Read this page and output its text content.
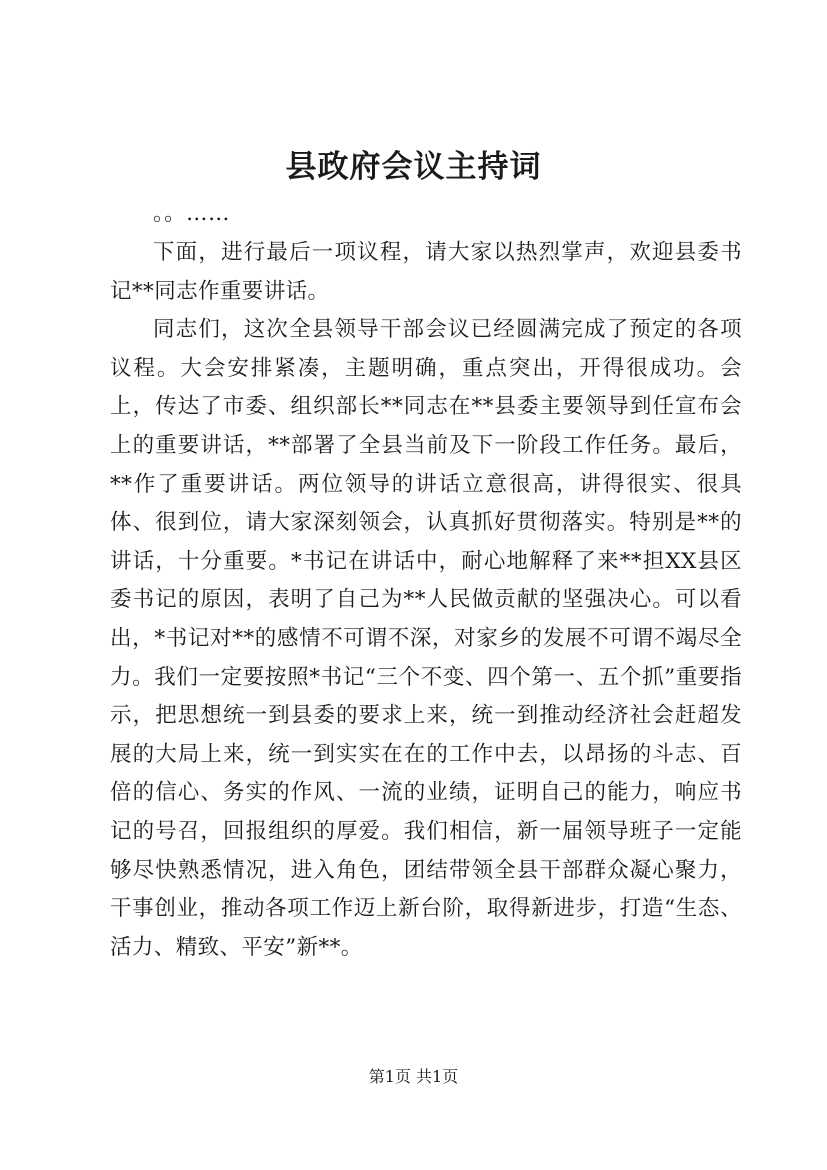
县政府会议主持词

。。……

下面，进行最后一项议程，请大家以热烈掌声，欢迎县委书记**同志作重要讲话。

同志们，这次全县领导干部会议已经圆满完成了预定的各项议程。大会安排紧凑，主题明确，重点突出，开得很成功。会上，传达了市委、组织部长**同志在**县委主要领导到任宣布会上的重要讲话，**部署了全县当前及下一阶段工作任务。最后，**作了重要讲话。两位领导的讲话立意很高，讲得很实、很具体、很到位，请大家深刻领会，认真抓好贯彻落实。特别是**的讲话，十分重要。*书记在讲话中，耐心地解释了来**担XX县区委书记的原因，表明了自己为**人民做贡献的坚强决心。可以看出，*书记对**的感情不可谓不深，对家乡的发展不可谓不竭尽全力。我们一定要按照*书记“三个不变、四个第一、五个抓”重要指示，把思想统一到县委的要求上来，统一到推动经济社会赶超发展的大局上来，统一到实实在在的工作中去，以昂扬的斗志、百倍的信心、务实的作风、一流的业绩，证明自己的能力，响应书记的号召，回报组织的厚爱。我们相信，新一届领导班子一定能够尽快熟悉情况，进入角色，团结带领全县干部群众凝心聚力，干事创业，推动各项工作迈上新台阶，取得新进步，打造“生态、活力、精致、平安”新**。

第1页 共1页
